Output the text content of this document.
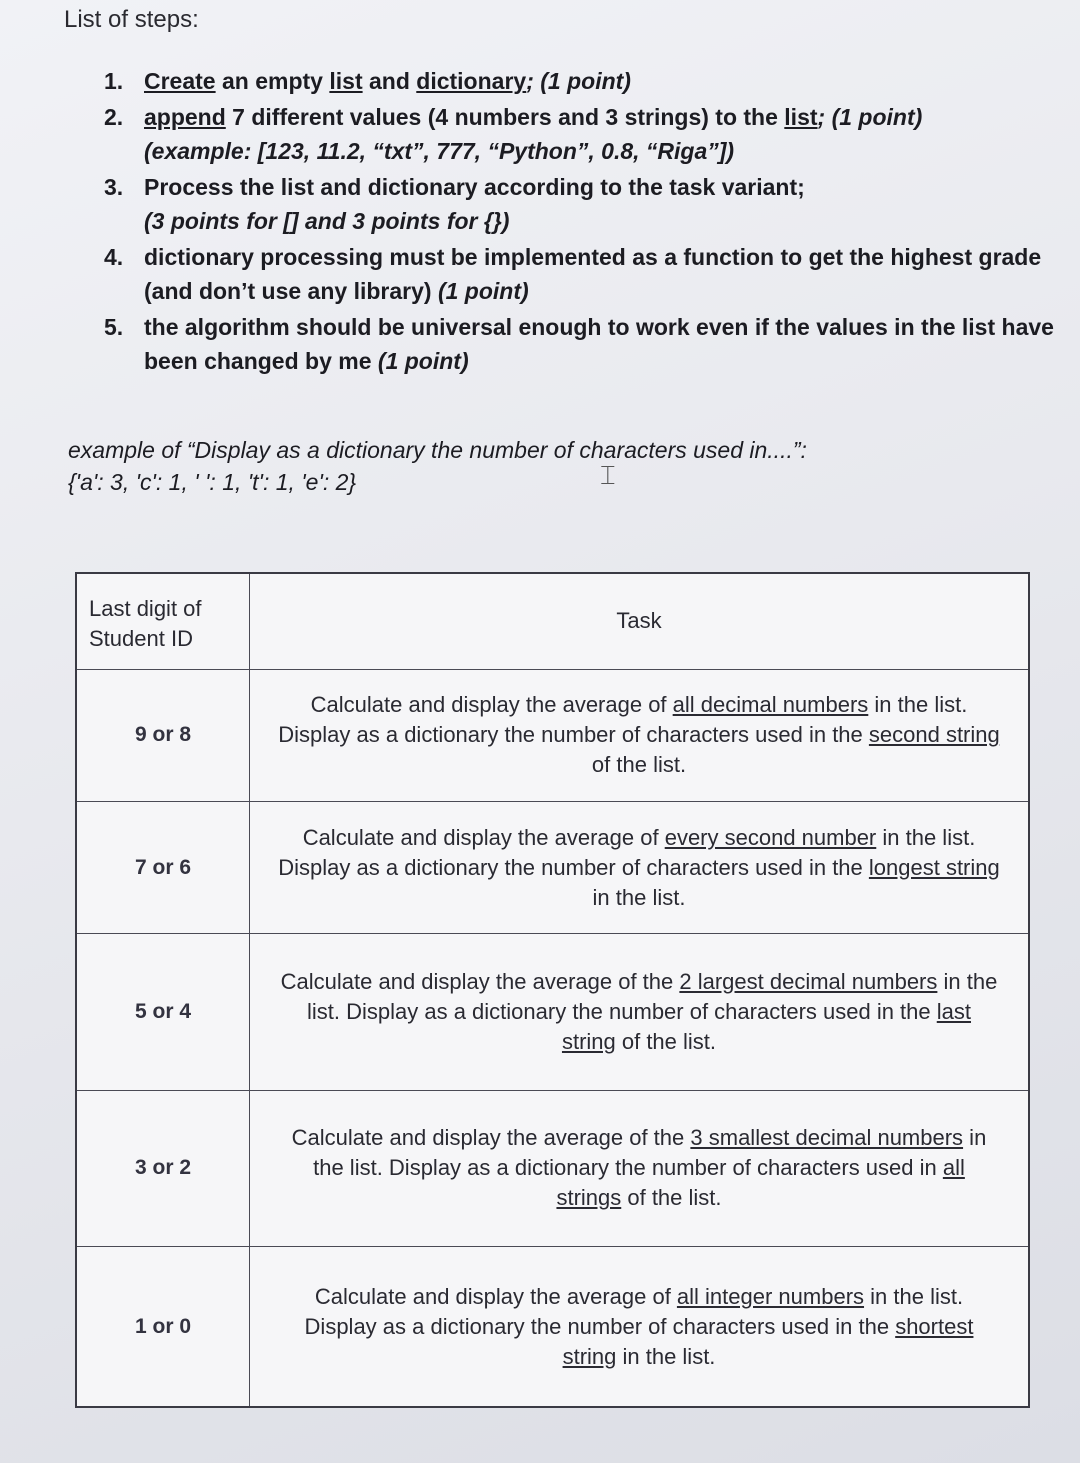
List of steps:
1. Create an empty list and dictionary; (1 point)
2. append 7 different values (4 numbers and 3 strings) to the list; (1 point)
(example: [123, 11.2, “txt”, 777, “Python”, 0.8, “Riga”])
3. Process the list and dictionary according to the task variant;
(3 points for [] and 3 points for {})
4. dictionary processing must be implemented as a function to get the highest grade
(and don’t use any library) (1 point)
5. the algorithm should be universal enough to work even if the values in the list have
been changed by me (1 point)
example of “Display as a dictionary the number of characters used in....”:
{'a': 3, 'c': 1, ' ': 1, 't': 1, 'e': 2}	⌶
Last digit of Student ID	Task
9 or 8	Calculate and display the average of all decimal numbers in the list. Display as a dictionary the number of characters used in the second string of the list.
7 or 6	Calculate and display the average of every second number in the list. Display as a dictionary the number of characters used in the longest string in the list.
5 or 4	Calculate and display the average of the 2 largest decimal numbers in the list. Display as a dictionary the number of characters used in the last string of the list.
3 or 2	Calculate and display the average of the 3 smallest decimal numbers in the list. Display as a dictionary the number of characters used in all strings of the list.
1 or 0	Calculate and display the average of all integer numbers in the list. Display as a dictionary the number of characters used in the shortest string in the list.
